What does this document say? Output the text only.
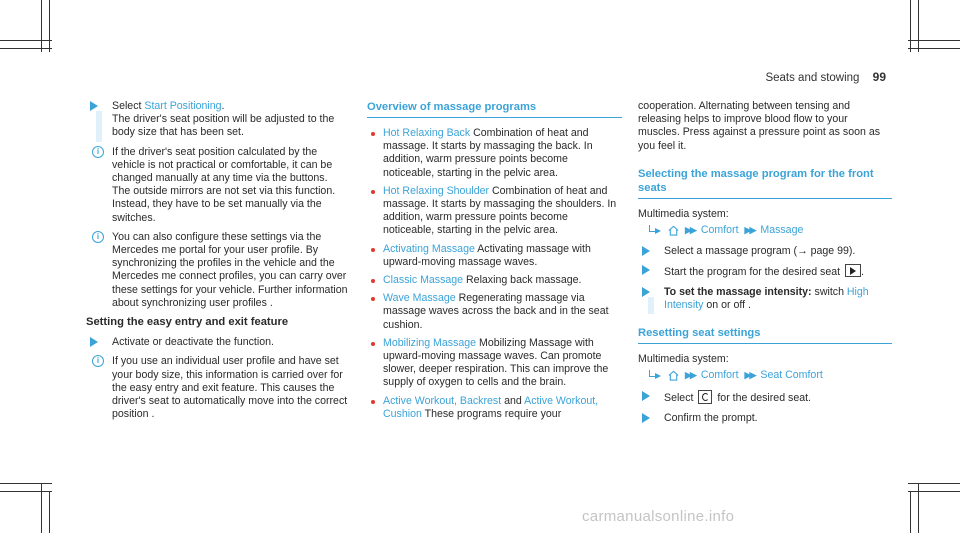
Seats and stowing 99
Select Start Positioning.
The driver's seat position will be adjusted to the body size that has been set.
i	If the driver's seat position calculated by the vehicle is not practical or comfortable, it can be changed manually at any time via the buttons.
The outside mirrors are not set via this function. Instead, they have to be set manually via the switches.
i	You can also configure these settings via the Mercedes me portal for your user profile. By synchronizing the profiles in the vehicle and the Mercedes me connect profiles, you can carry over these settings for your vehicle. Further information about synchronizing user profiles .
Setting the easy entry and exit feature
Activate or deactivate the function.
i	If you use an individual user profile and have set your body size, this information is carried over for the easy entry and exit feature. This causes the driver's seat to automatically move into the correct position .
Overview of massage programs
Hot Relaxing Back Combination of heat and massage. It starts by massaging the back. In addition, warm pressure points become noticeable, starting in the pelvic area.
Hot Relaxing Shoulder Combination of heat and massage. It starts by massaging the shoulders. In addition, warm pressure points become noticeable, starting in the pelvic area.
Activating Massage Activating massage with upward-moving massage waves.
Classic Massage Relaxing back massage.
Wave Massage Regenerating massage via massage waves across the back and in the seat cushion.
Mobilizing Massage Mobilizing Massage with upward-moving massage waves. Can promote slower, deeper respiration. This can improve the supply of oxygen to cells and the brain.
Active Workout, Backrest and Active Workout, Cushion These programs require your
cooperation. Alternating between tensing and releasing helps to improve blood flow to your muscles. Press against a pressure point as soon as you feel it.
Selecting the massage program for the front seats
Multimedia system:
▶▶ Comfort ▶▶ Massage
Select a massage program (→ page 99).
Start the program for the desired seat .
To set the massage intensity: switch High Intensity on or off .
Resetting seat settings
Multimedia system:
▶▶ Comfort ▶▶ Seat Comfort
Select for the desired seat.
Confirm the prompt.
carmanualsonline.info
